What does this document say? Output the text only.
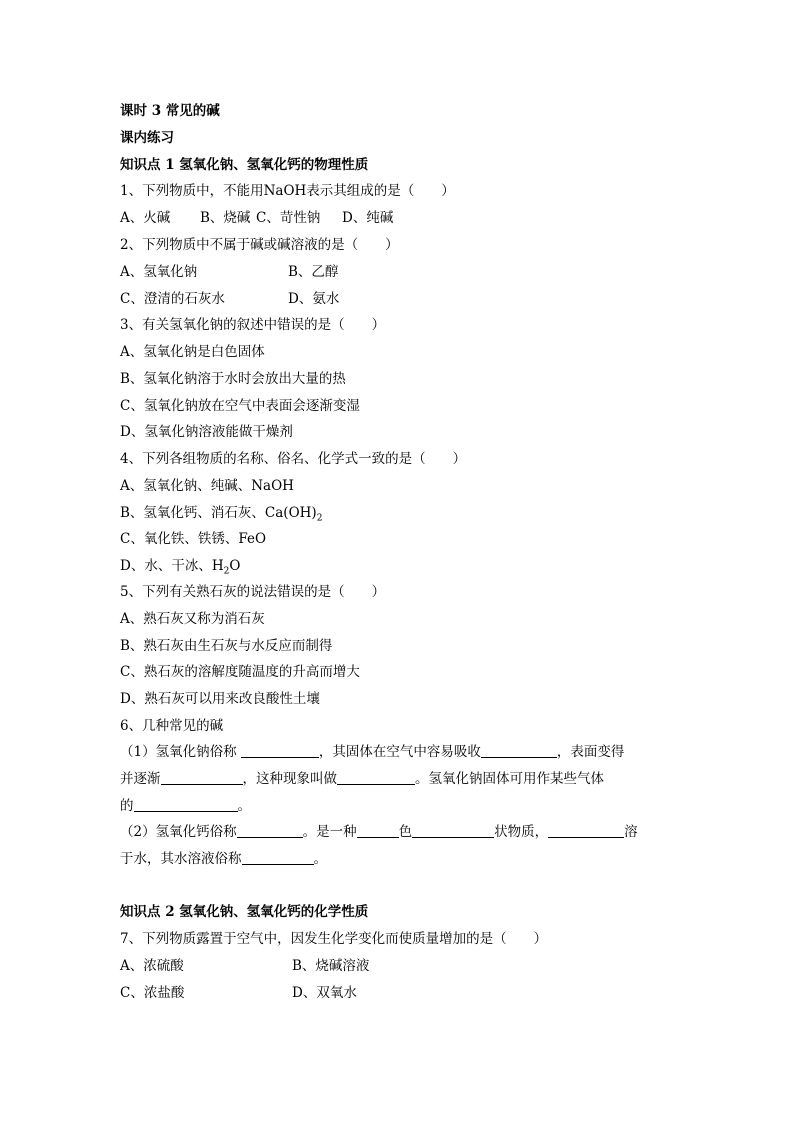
课时 3 常见的碱
课内练习
知识点 1 氢氧化钠、氢氧化钙的物理性质
1、下列物质中，不能用NaOH表示其组成的是（　　）
A、火碱 B、烧碱 C、苛性钠 D、纯碱
2、下列物质中不属于碱或碱溶液的是（　　）
A、氢氧化钠	B、乙醇
C、澄清的石灰水	D、氨水
3、有关氢氧化钠的叙述中错误的是（　　）
A、氢氧化钠是白色固体
B、氢氧化钠溶于水时会放出大量的热
C、氢氧化钠放在空气中表面会逐渐变湿
D、氢氧化钠溶液能做干燥剂
4、下列各组物质的名称、俗名、化学式一致的是（　　）
A、氢氧化钠、纯碱、NaOH
B、氢氧化钙、消石灰、$Ca(OH)_2$
C、氧化铁、铁锈、FeO
D、水、干冰、$H_2O$
5、下列有关熟石灰的说法错误的是（　　）
A、熟石灰又称为消石灰
B、熟石灰由生石灰与水反应而制得
C、熟石灰的溶解度随温度的升高而增大
D、熟石灰可以用来改良酸性土壤
6、几种常见的碱
（1）氢氧化钠俗称	，其固体在空气中容易吸收	，表面变得
并逐渐	，这种现象叫做	。氢氧化钠固体可用作某些气体
的	。
（2）氢氧化钙俗称	。是一种	色	状物质，	溶
于水，其水溶液俗称	。
知识点 2 氢氧化钠、氢氧化钙的化学性质
7、下列物质露置于空气中，因发生化学变化而使质量增加的是（　　）
A、浓硫酸	B、烧碱溶液
C、浓盐酸	D、双氧水
